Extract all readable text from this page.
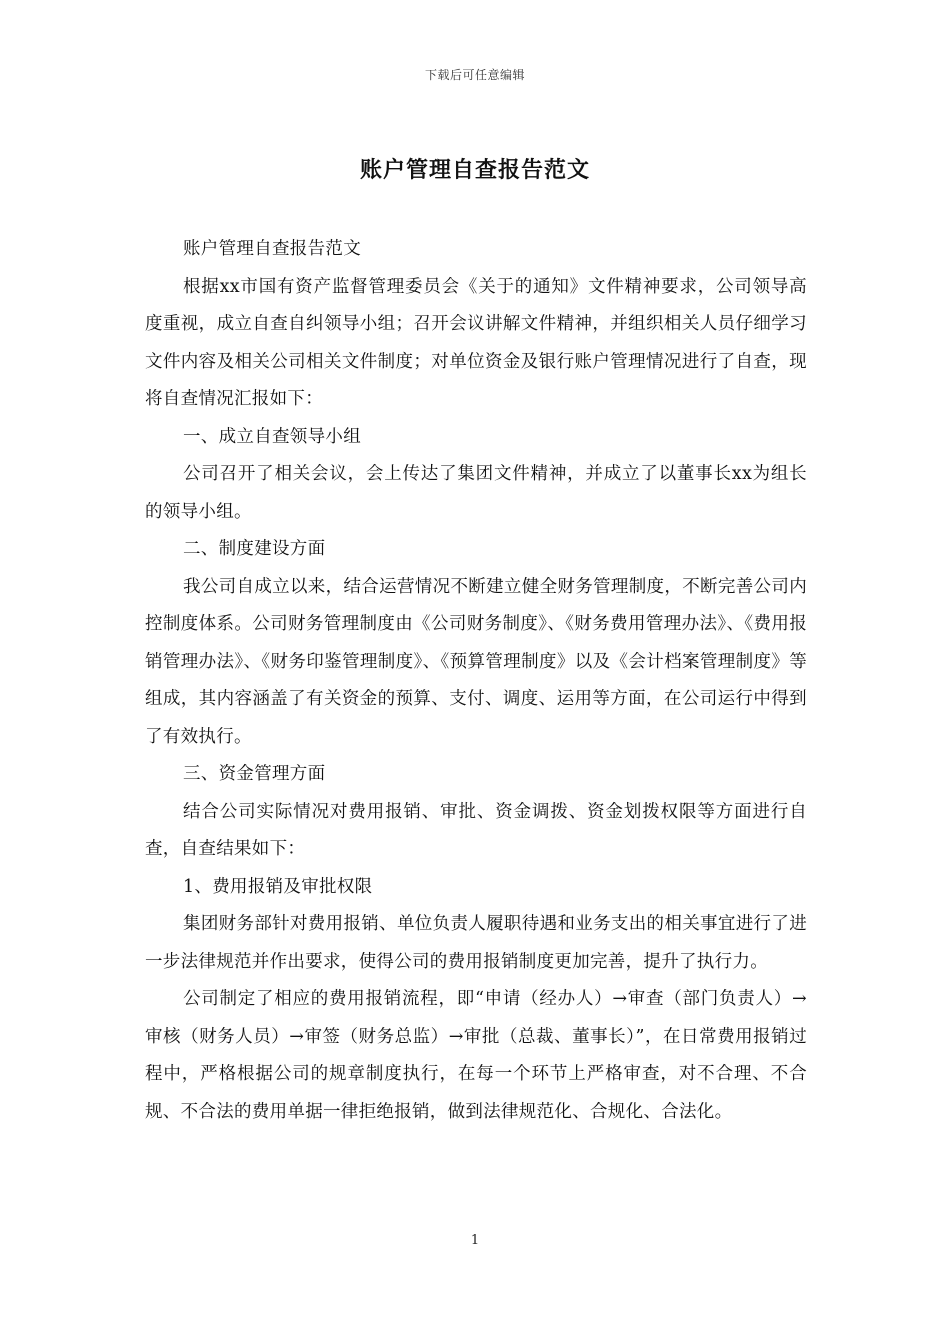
下载后可任意编辑
账户管理自查报告范文

账户管理自查报告范文

根据xx市国有资产监督管理委员会《关于的通知》文件精神要求，公司领导高度重视，成立自查自纠领导小组；召开会议讲解文件精神，并组织相关人员仔细学习文件内容及相关公司相关文件制度；对单位资金及银行账户管理情况进行了自查，现将自查情况汇报如下：

一、成立自查领导小组

公司召开了相关会议，会上传达了集团文件精神，并成立了以董事长xx为组长的领导小组。

二、制度建设方面

我公司自成立以来，结合运营情况不断建立健全财务管理制度，不断完善公司内控制度体系。公司财务管理制度由《公司财务制度》、《财务费用管理办法》、《费用报销管理办法》、《财务印鉴管理制度》、《预算管理制度》以及《会计档案管理制度》等组成，其内容涵盖了有关资金的预算、支付、调度、运用等方面，在公司运行中得到了有效执行。

三、资金管理方面

结合公司实际情况对费用报销、审批、资金调拨、资金划拨权限等方面进行自查，自查结果如下：

1、费用报销及审批权限

集团财务部针对费用报销、单位负责人履职待遇和业务支出的相关事宜进行了进一步法律规范并作出要求，使得公司的费用报销制度更加完善，提升了执行力。

公司制定了相应的费用报销流程，即“申请（经办人）→审查（部门负责人）→审核（财务人员）→审签（财务总监）→审批（总裁、董事长）”，在日常费用报销过程中，严格根据公司的规章制度执行，在每一个环节上严格审查，对不合理、不合规、不合法的费用单据一律拒绝报销，做到法律规范化、合规化、合法化。

1
